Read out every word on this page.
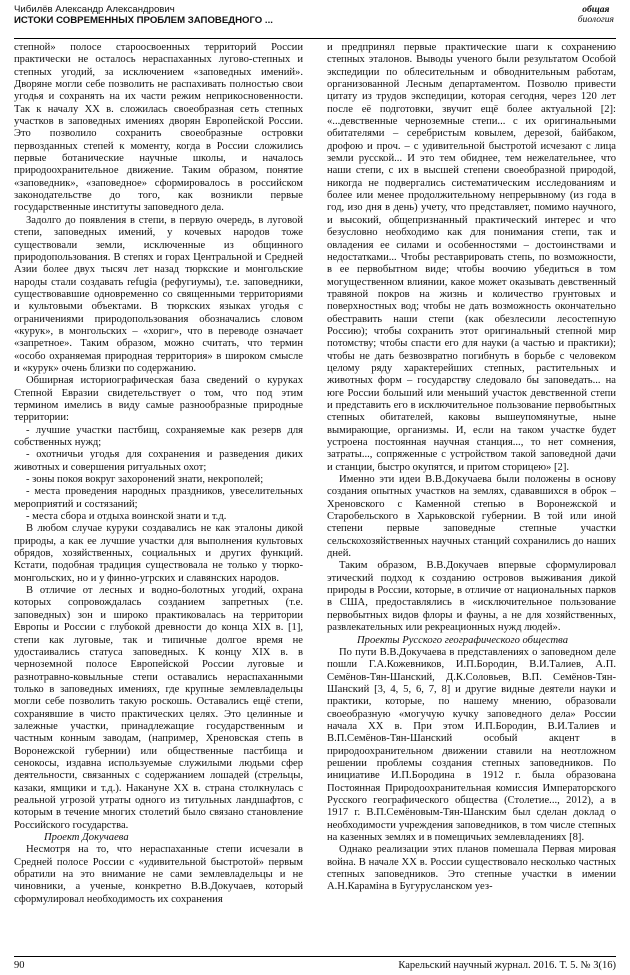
Чибилёв Александр Александрович
ИСТОКИ СОВРЕМЕННЫХ ПРОБЛЕМ ЗАПОВЕДНОГО ...
общая
биология

степной» полосе староосвоенных территорий России практически не осталось нераспаханных лугово-степных и степных угодий, за исключением «заповедных имений». Дворяне могли себе позволить не распахивать полностью свои угодья и сохранять на их части режим неприкосновенности. Так к началу XX в. сложилась своеобразная сеть степных участков в заповедных имениях дворян Европейской России. Это позволило сохранить своеобразные островки первозданных степей к моменту, когда в России сложились первые ботанические научные школы, и началось природоохранительное движение. Таким образом, понятие «заповедник», «заповедное» сформировалось в российском законодательстве до того, как возникли первые государственные институты заповедного дела.

Задолго до появления в степи, в первую очередь, в луговой степи, заповедных имений, у кочевых народов тоже существовали земли, исключенные из общинного природопользования. В степях и горах Центральной и Средней Азии более двух тысяч лет назад тюркские и монгольские народы стали создавать refugia (рефугиумы), т.е. заповедники, существовавшие одновременно со священными территориями и культовыми объектами. В тюркских языках угодья с ограничениями природопользования обозначались словом «курук», в монгольских – «хориг», что в переводе означает «запретное». Таким образом, можно считать, что термин «особо охраняемая природная территория» в широком смысле и «курук» очень близки по содержанию.

Обширная историографическая база сведений о куруках Степной Евразии свидетельствует о том, что под этим термином имелись в виду самые разнообразные природные территории:

- лучшие участки пастбищ, сохраняемые как резерв для собственных нужд;

- охотничьи угодья для сохранения и разведения диких животных и совершения ритуальных охот;

- зоны покоя вокруг захоронений знати, некрополей;

- места проведения народных праздников, увеселительных мероприятий и состязаний;

- места сбора и отдыха воинской знати и т.д.

В любом случае куруки создавались не как эталоны дикой природы, а как ее лучшие участки для выполнения культовых обрядов, хозяйственных, социальных и других функций. Кстати, подобная традиция существовала не только у тюрко-монгольских, но и у финно-угрских и славянских народов.

В отличие от лесных и водно-болотных угодий, охрана которых сопровождалась созданием запретных (т.е. заповедных) зон и широко практиковалась на территории Европы и России с глубокой древности до конца XIX в. [1], степи как луговые, так и типичные долгое время не удостаивались статуса заповедных. К концу XIX в. в черноземной полосе Европейской России луговые и разнотравно-ковыльные степи оставались нераспаханными только в заповедных имениях, где крупные землевладельцы могли себе позволить такую роскошь. Оставались ещё степи, сохранявшие в чисто практических целях. Это целинные и залежные участки, принадлежащие государственным и частным конным заводам, (например, Хреновская степь в Воронежской губернии) или общественные пастбища и сенокосы, издавна используемые служилыми людьми сфер деятельности, связанных с содержанием лошадей (стрельцы, казаки, ямщики и т.д.). Накануне XX в. страна столкнулась с реальной угрозой утраты одного из титульных ландшафтов, с которым в течение многих столетий было связано становление Российского государства.

Проект Докучаева

Несмотря на то, что нераспаханные степи исчезали в Средней полосе России с «удивительной быстротой» первым обратили на это внимание не сами землевладельцы и не чиновники, а ученые, конкретно В.В.Докучаев, который сформулировал необходимость их сохранения

и предпринял первые практические шаги к сохранению степных эталонов. Выводы ученого были результатом Особой экспедиции по облесительным и обводнительным работам, организованной Лесным департаментом. Позволю привести цитату из трудов экспедиции, которая сегодня, через 120 лет после её подготовки, звучит ещё более актуальной [2]: «...девственные черноземные степи... с их оригинальными обитателями – серебристым ковылем, дерезой, байбаком, дрофою и проч. – с удивительной быстротой исчезают с лица земли русской... И это тем обиднее, тем нежелательнее, что наши степи, с их в высшей степени своеобразной природой, никогда не подвергались систематическим исследованиям и более или менее продолжительному непрерывному (из года в год, изо дня в день) учету, что представляет, помимо научного, и высокий, общепризнанный практический интерес и что безусловно необходимо как для понимания степи, так и овладения ее силами и особенностями – достоинствами и недостатками... Чтобы реставрировать степь, по возможности, в ее первобытном виде; чтобы воочию убедиться в том могущественном влиянии, какое может оказывать девственный травяной покров на жизнь и количество грунтовых и поверхностных вод; чтобы не дать возможность окончательно обестравить наши степи (как обезлесили лесостепную Россию); чтобы сохранить этот оригинальный степной мир потомству; чтобы спасти его для науки (а частью и практики); чтобы не дать безвозвратно погибнуть в борьбе с человеком целому ряду характерейших степных, растительных и животных форм – государству следовало бы заповедать... на юге России больший или меньший участок девственной степи и представить его в исключительное пользование первобытных степных обитателей, каковы вышеупомянутые, ныне вымирающие, организмы. И, если на таком участке будет устроена постоянная научная станция..., то нет сомнения, затраты..., сопряженные с устройством такой заповедной дачи и станции, быстро окупятся, и притом сторицею» [2].

Именно эти идеи В.В.Докучаева были положены в основу создания опытных участков на землях, сдававшихся в оброк – Хреновского с Каменной степью в Воронежской и Старобельского в Харьковской губернии. В той или иной степени первые заповедные степные участки сельскохозяйственных научных станций сохранились до наших дней.

Таким образом, В.В.Докучаев впервые сформулировал этический подход к созданию островов выживания дикой природы в России, которые, в отличие от национальных парков в США, предоставлялись в «исключительное пользование первобытных видов флоры и фауны, а не для хозяйственных, развлекательных или рекреационных нужд людей».

Проекты Русского географического общества

По пути В.В.Докучаева в представлениях о заповедном деле пошли Г.А.Кожевников, И.П.Бородин, В.И.Талиев, А.П. Семёнов-Тян-Шанский, Д.К.Соловьев, В.П. Семёнов-Тян-Шанский [3, 4, 5, 6, 7, 8] и другие видные деятели науки и практики, которые, по нашему мнению, образовали своеобразную «могучую кучку заповедного дела» России начала XX в. При этом И.П.Бородин, В.И.Талиев и В.П.Семёнов-Тян-Шанский особый акцент в природоохранительном движении ставили на неотложном решении проблемы создания степных заповедников. По инициативе И.П.Бородина в 1912 г. была образована Постоянная Природоохранительная комиссия Императорского Русского географического общества (Столетие..., 2012), а в 1917 г. В.П.Семёновым-Тян-Шанским был сделан доклад о необходимости учреждения заповедников, в том числе степных на казенных землях и в помещичьих землевладениях [8].

Однако реализации этих планов помешала Первая мировая война. В начале XX в. России существовало несколько частных степных заповедников. Это степные участки в имении А.Н.Караміна в Бугурусланском уез-

90	Карельский научный журнал. 2016. Т. 5. № 3(16)
